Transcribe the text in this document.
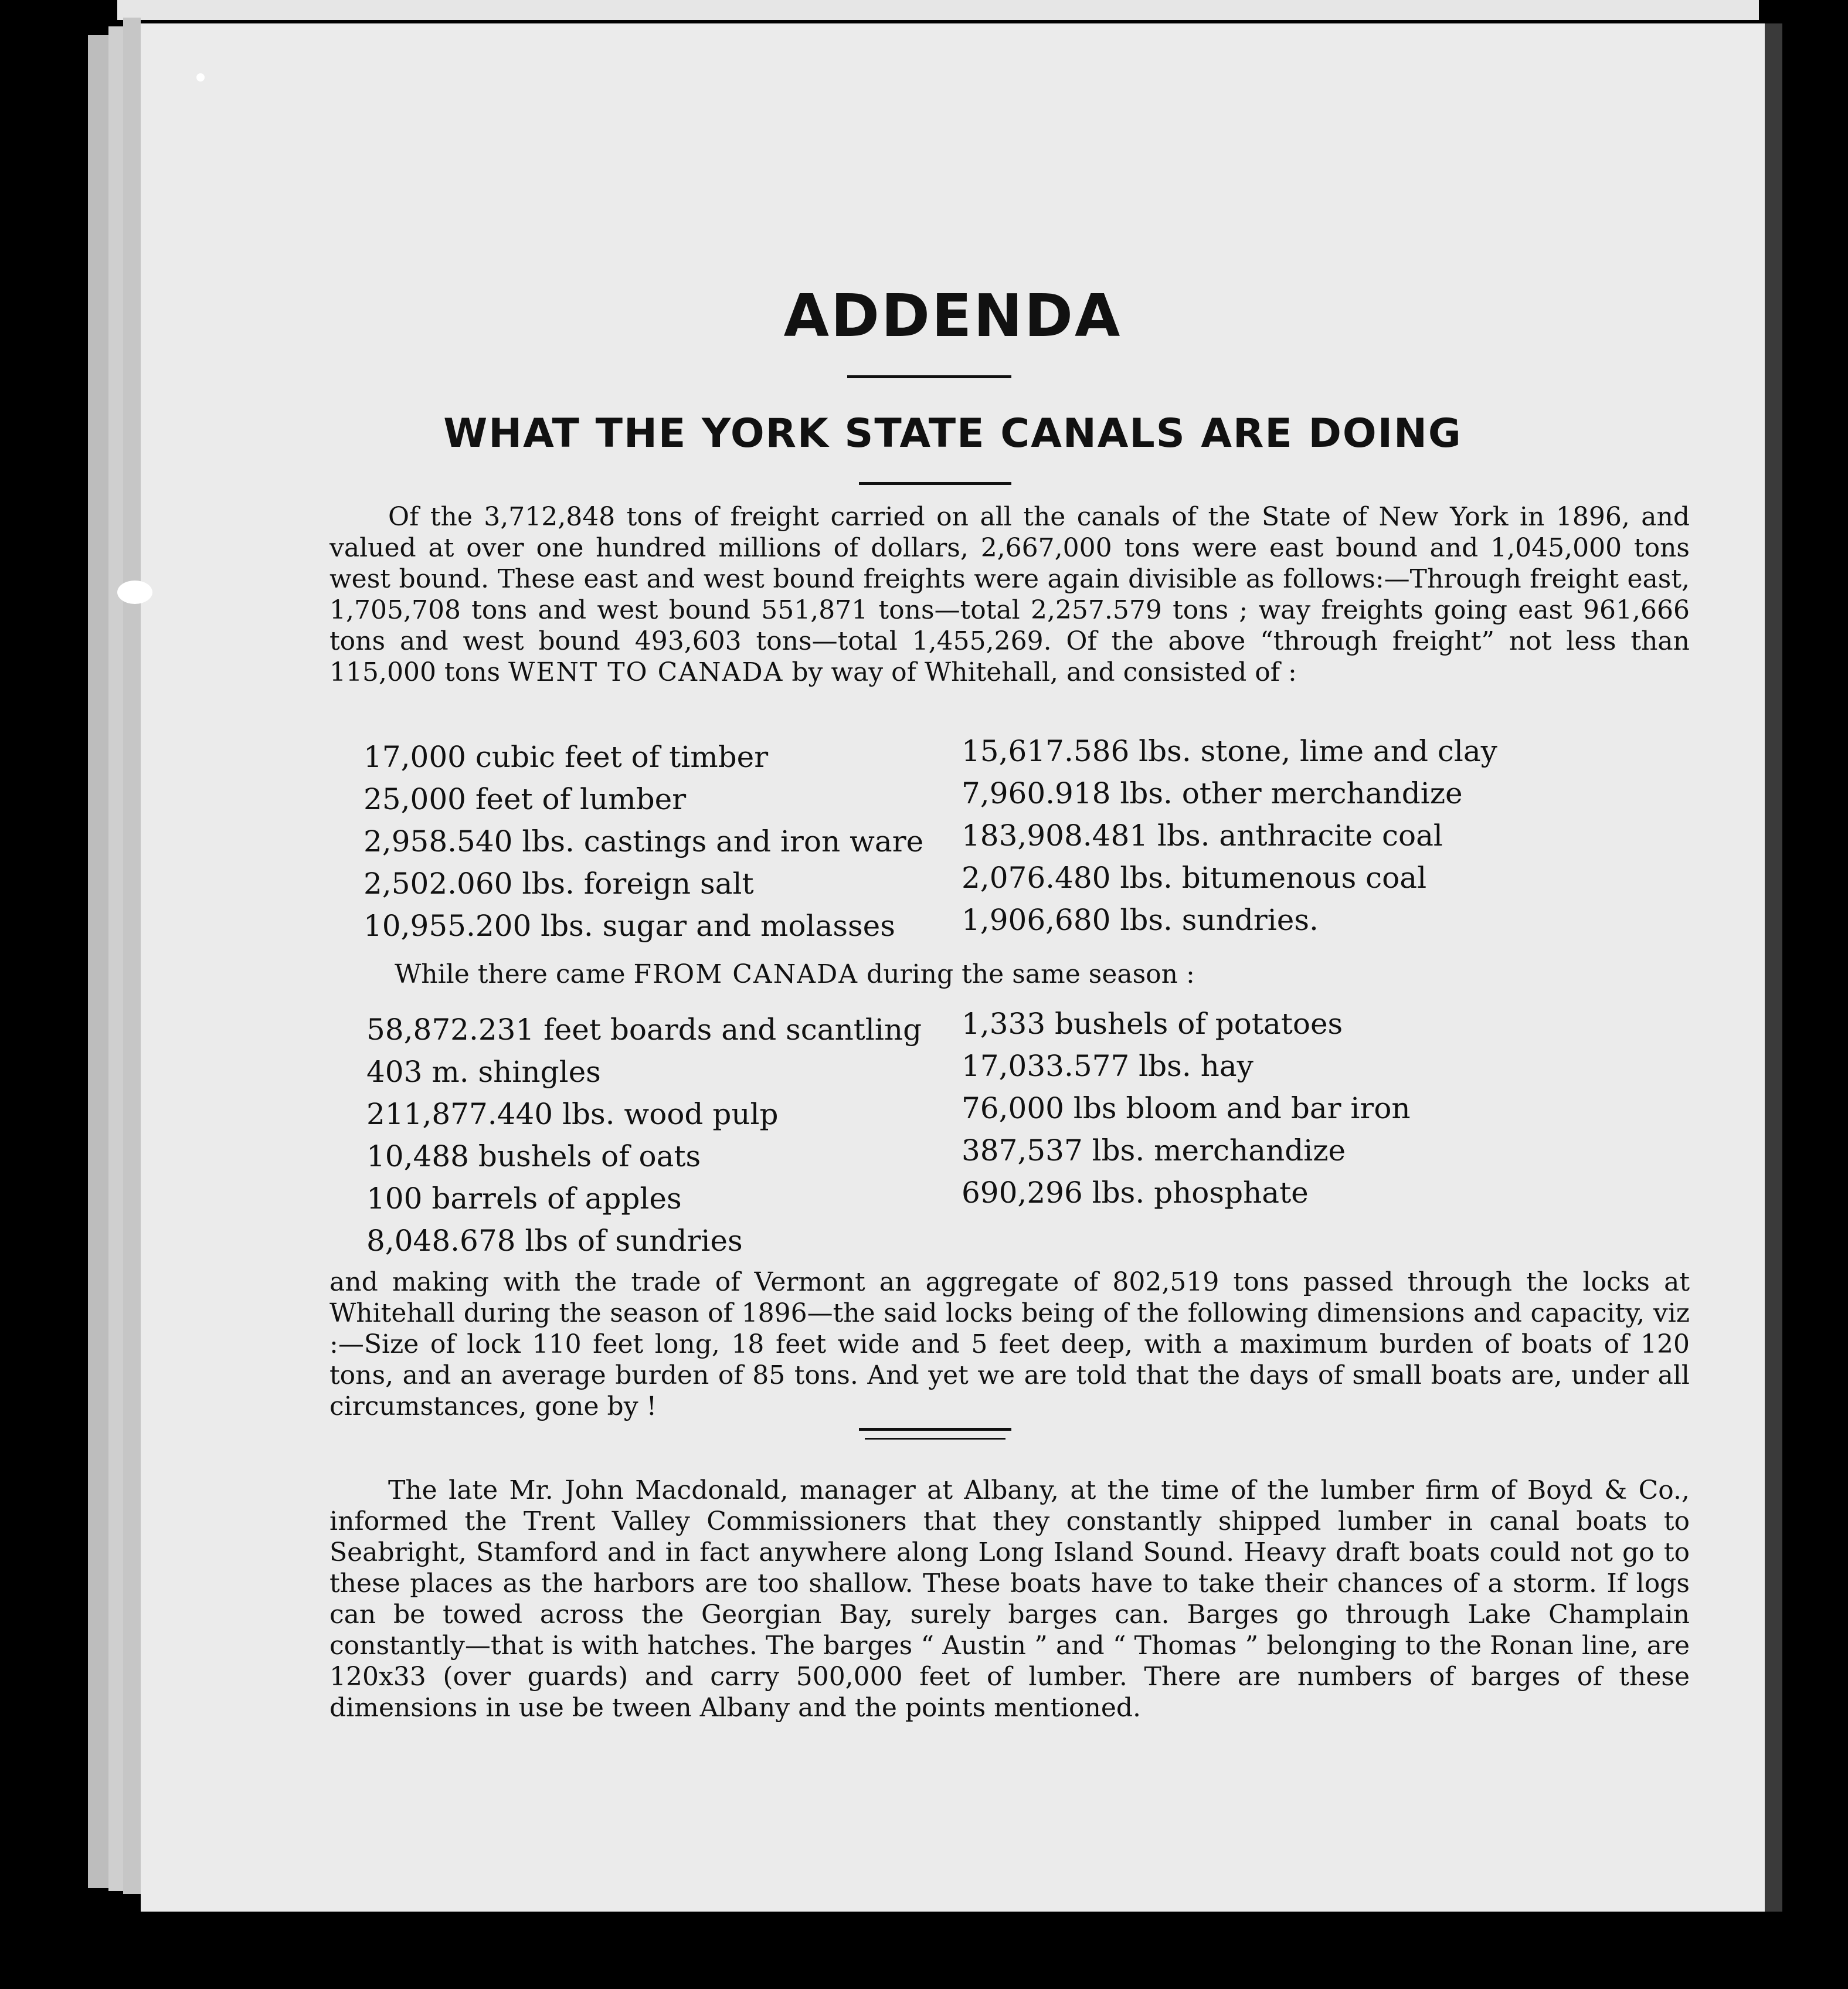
ADDENDA
WHAT THE YORK STATE CANALS ARE DOING
Of the 3,712,848 tons of freight carried on all the canals of the State of New York in 1896, and valued at over one hundred millions of dollars, 2,667,000 tons were east bound and 1,045,000 tons west bound. These east and west bound freights were again divisible as follows:—Through freight east, 1,705,708 tons and west bound 551,871 tons—total 2,257.579 tons ; way freights going east 961,666 tons and west bound 493,603 tons—total 1,455,269. Of the above “through freight” not less than 115,000 tons WENT TO CANADA by way of Whitehall, and consisted of :
17,000 cubic feet of timber
25,000 feet of lumber
2,958.540 lbs. castings and iron ware
2,502.060 lbs. foreign salt
10,955.200 lbs. sugar and molasses
15,617.586 lbs. stone, lime and clay
7,960.918 lbs. other merchandize
183,908.481 lbs. anthracite coal
2,076.480 lbs. bitumenous coal
1,906,680 lbs. sundries.
While there came FROM CANADA during the same season :
58,872.231 feet boards and scantling
403 m. shingles
211,877.440 lbs. wood pulp
10,488 bushels of oats
100 barrels of apples
8,048.678 lbs of sundries
1,333 bushels of potatoes
17,033.577 lbs. hay
76,000 lbs bloom and bar iron
387,537 lbs. merchandize
690,296 lbs. phosphate
and making with the trade of Vermont an aggregate of 802,519 tons passed through the locks at Whitehall during the season of 1896—the said locks being of the following dimensions and capacity, viz :—Size of lock 110 feet long, 18 feet wide and 5 feet deep, with a maximum burden of boats of 120 tons, and an average burden of 85 tons. And yet we are told that the days of small boats are, under all circumstances, gone by !
The late Mr. John Macdonald, manager at Albany, at the time of the lumber firm of Boyd & Co., informed the Trent Valley Commissioners that they constantly shipped lumber in canal boats to Seabright, Stamford and in fact anywhere along Long Island Sound. Heavy draft boats could not go to these places as the harbors are too shallow. These boats have to take their chances of a storm. If logs can be towed across the Georgian Bay, surely barges can. Barges go through Lake Champlain constantly—that is with hatches. The barges “ Austin ” and “ Thomas ” belonging to the Ronan line, are 120x33 (over guards) and carry 500,000 feet of lumber. There are numbers of barges of these dimensions in use be tween Albany and the points mentioned.
